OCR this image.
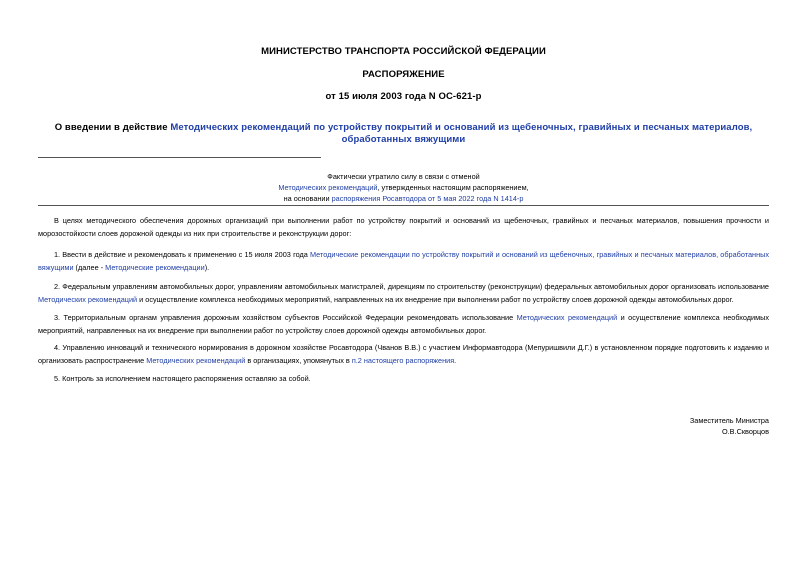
МИНИСТЕРСТВО ТРАНСПОРТА РОССИЙСКОЙ ФЕДЕРАЦИИ
РАСПОРЯЖЕНИЕ
от 15 июля 2003 года N ОС-621-р
О введении в действие Методических рекомендаций по устройству покрытий и оснований из щебеночных, гравийных и песчаных материалов, обработанных вяжущими
Фактически утратило силу в связи с отменой
Методических рекомендаций, утвержденных настоящим распоряжением,
на основании распоряжения Росавтодора от 5 мая 2022 года N 1414-р
В целях методического обеспечения дорожных организаций при выполнении работ по устройству покрытий и оснований из щебеночных, гравийных и песчаных материалов, повышения прочности и морозостойкости слоев дорожной одежды из них при строительстве и реконструкции дорог:
1. Ввести в действие и рекомендовать к применению с 15 июля 2003 года Методические рекомендации по устройству покрытий и оснований из щебеночных, гравийных и песчаных материалов, обработанных вяжущими (далее - Методические рекомендации).
2. Федеральным управлениям автомобильных дорог, управлениям автомобильных магистралей, дирекциям по строительству (реконструкции) федеральных автомобильных дорог организовать использование Методических рекомендаций и осуществление комплекса необходимых мероприятий, направленных на их внедрение при выполнении работ по устройству слоев дорожной одежды автомобильных дорог.
3. Территориальным органам управления дорожным хозяйством субъектов Российской Федерации рекомендовать использование Методических рекомендаций и осуществление комплекса необходимых мероприятий, направленных на их внедрение при выполнении работ по устройству слоев дорожной одежды автомобильных дорог.
4. Управлению инноваций и технического нормирования в дорожном хозяйстве Росавтодора (Чванов В.В.) с участием Информавтодора (Мепуришвили Д.Г.) в установленном порядке подготовить к изданию и организовать распространение Методических рекомендаций в организациях, упомянутых в п.2 настоящего распоряжения.
5. Контроль за исполнением настоящего распоряжения оставляю за собой.
Заместитель Министра
О.В.Скворцов
